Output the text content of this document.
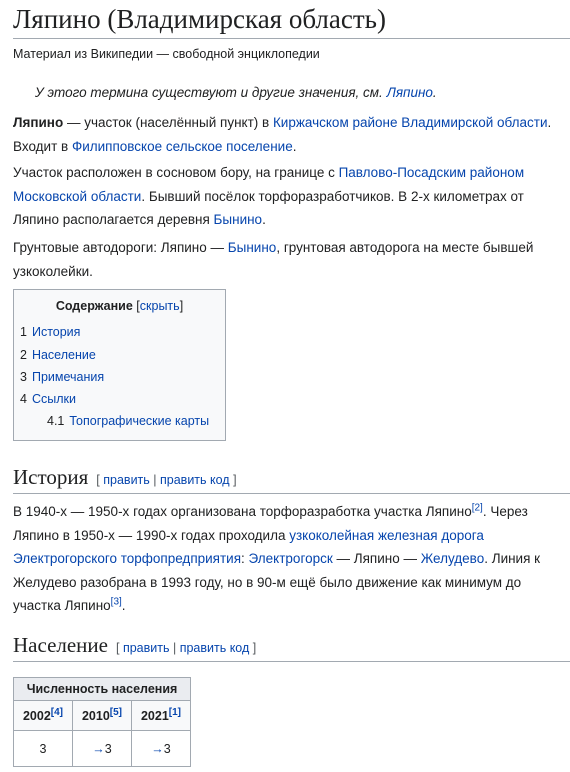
Ляпино (Владимирская область)
Материал из Википедии — свободной энциклопедии
У этого термина существуют и другие значения, см. Ляпино.
Ляпино — участок (населённый пункт) в Киржачском районе Владимирской области. Входит в Филипповское сельское поселение.
Участок расположен в сосновом бору, на границе с Павлово-Посадским районом Московской области. Бывший посёлок торфоразработчиков. В 2-х километрах от Ляпино располагается деревня Бынино.
Грунтовые автодороги: Ляпино — Бынино, грунтовая автодорога на месте бывшей узкоколейки.
Содержание [скрыть]
1 История
2 Население
3 Примечания
4 Ссылки
4.1 Топографические карты
История [ править | править код ]
В 1940-х — 1950-х годах организована торфоразработка участка Ляпино[2]. Через Ляпино в 1950-х — 1990-х годах проходила узкоколейная железная дорога Электрогорского торфопредприятия: Электрогорск — Ляпино — Желудево. Линия к Желудево разобрана в 1993 году, но в 90-м ещё было движение как минимум до участка Ляпино[3].
Население [ править | править код ]
Численность населения		
2002[4]	2010[5]	2021[1]
3	→3	→3
